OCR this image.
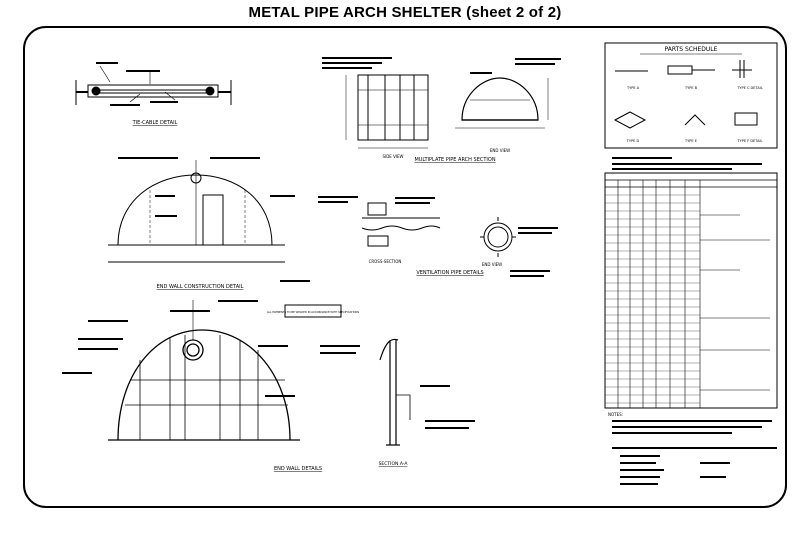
METAL PIPE ARCH SHELTER (sheet 2 of 2)
TIE-CABLE DETAIL
SIDE VIEW
END VIEW
MULTIPLATE PIPE ARCH SECTION
END WALL CONSTRUCTION DETAIL
CROSS-SECTION
END VIEW
VENTILATION PIPE DETAILS
ALL ELEMENTS TO BE WELDED IN ACCORDANCE WITH SPECIFICATIONS
END WALL DETAILS
SECTION A-A
PARTS SCHEDULE
TYPE A	TYPE B	TYPE C DETAIL
TYPE D	TYPE E	TYPE F DETAIL
NOTES:
